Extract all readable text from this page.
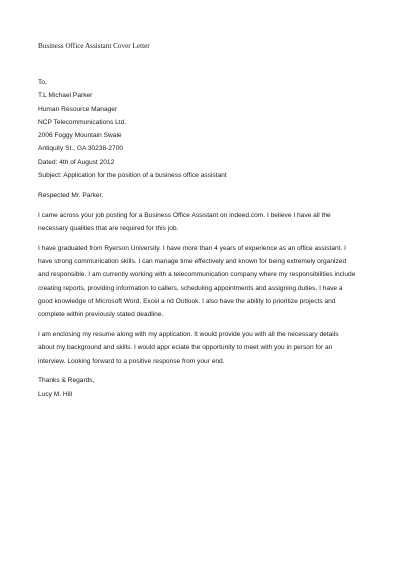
Business Office Assistant Cover Letter
To,
T.L Michael Parker
Human Resource Manager
NCP Telecommunications Ltd.
2006 Foggy Mountain Swale
Antiquity St., GA 30238-2700
Dated: 4th of August 2012
Subject: Application for the position of a business office assistant
Respected Mr. Parker,
I came across your job posting for a Business Office Assistant on indeed.com. I believe I have all the
necessary qualities that are required for this job.
I have graduated from Ryerson University. I have more than 4 years of experience as an office assistant. I
have strong communication skills. I can manage time effectively and known for being extremely organized
and responsible. I am currently working with a telecommunication company where my responsibilities include
creating reports, providing information to callers, scheduling appointments and assigning duties. I have a
good knowledge of Microsoft Word, Excel a nd Outlook. I also have the ability to prioritize projects and
complete within previously stated deadline.
I am enclosing my resume along with my application. It would provide you with all the necessary details
about my background and skills. I would appr eciate the opportunity to meet with you in person for an
interview. Looking forward to a positive response from your end.
Thanks & Regards,
Lucy M. Hill
